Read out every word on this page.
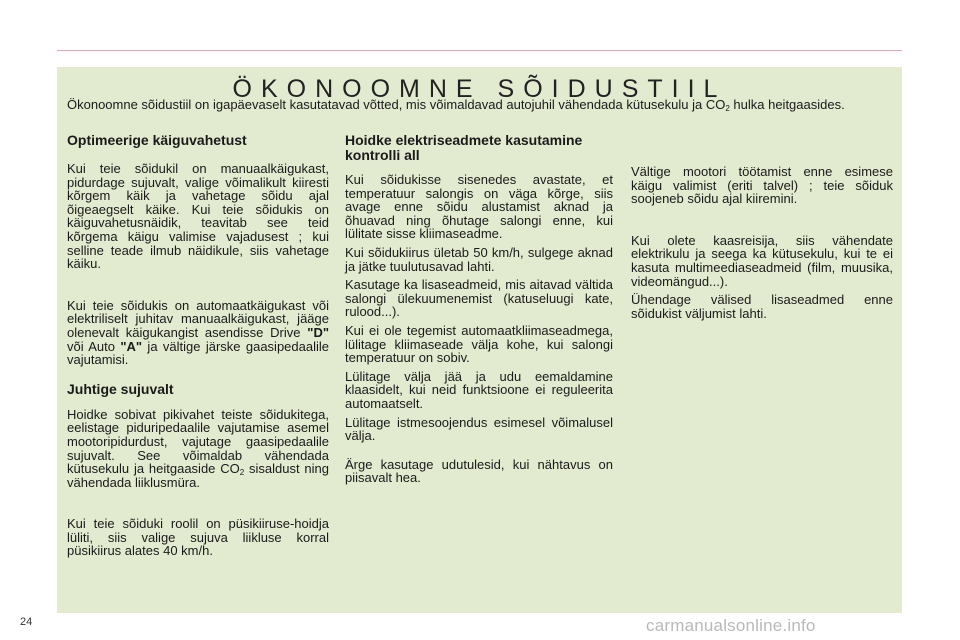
ÖKONOOMNE SÕIDUSTIIL
Ökonoomne sõidustiil on igapäevaselt kasutatavad võtted, mis võimaldavad autojuhil vähendada kütusekulu ja $CO_2$ hulka heitgaasides.
Optimeerige käiguvahetust

Kui teie sõidukil on manuaalkäigukast, pidurdage sujuvalt, valige võimalikult kiiresti kõrgem käik ja vahetage sõidu ajal õigeaegselt käike. Kui teie sõidukis on käiguvahetusnäidik, teavitab see teid kõrgema käigu valimise vajadusest ; kui selline teade ilmub näidikule, siis vahetage käiku.

Kui teie sõidukis on automaatkäigukast või elektriliselt juhitav manuaalkäigukast, jääge olenevalt käigukangist asendisse Drive "D" või Auto "A" ja vältige järske gaasipedaalile vajutamisi.

Juhtige sujuvalt

Hoidke sobivat pikivahet teiste sõidukitega, eelistage piduripedaalile vajutamise asemel mootoripidurdust, vajutage gaasipedaalile sujuvalt. See võimaldab vähendada kütusekulu ja heitgaaside $CO_2$ sisaldust ning vähendada liiklusmüra.

Kui teie sõiduki roolil on püsikiiruse-hoidja lüliti, siis valige sujuva liikluse korral püsikiirus alates 40 km/h.

Hoidke elektriseadmete kasutamine kontrolli all

Kui sõidukisse sisenedes avastate, et temperatuur salongis on väga kõrge, siis avage enne sõidu alustamist aknad ja õhuavad ning õhutage salongi enne, kui lülitate sisse kliimaseadme.

Kui sõidukiirus ületab 50 km/h, sulgege aknad ja jätke tuulutusavad lahti.

Kasutage ka lisaseadmeid, mis aitavad vältida salongi ülekuumenemist (katuseluugi kate, rulood...).

Kui ei ole tegemist automaatkliimaseadmega, lülitage kliimaseade välja kohe, kui salongi temperatuur on sobiv.

Lülitage välja jää ja udu eemaldamine klaasidelt, kui neid funktsioone ei reguleerita automaatselt.

Lülitage istmesoojendus esimesel võimalusel välja.

Ärge kasutage udutulesid, kui nähtavus on piisavalt hea.

Vältige mootori töötamist enne esimese käigu valimist (eriti talvel) ; teie sõiduk soojeneb sõidu ajal kiiremini.

Kui olete kaasreisija, siis vähendate elektrikulu ja seega ka kütusekulu, kui te ei kasuta multimeediaseadmeid (film, muusika, videomängud...).

Ühendage välised lisaseadmed enne sõidukist väljumist lahti.

24	carmanualsonline.info
